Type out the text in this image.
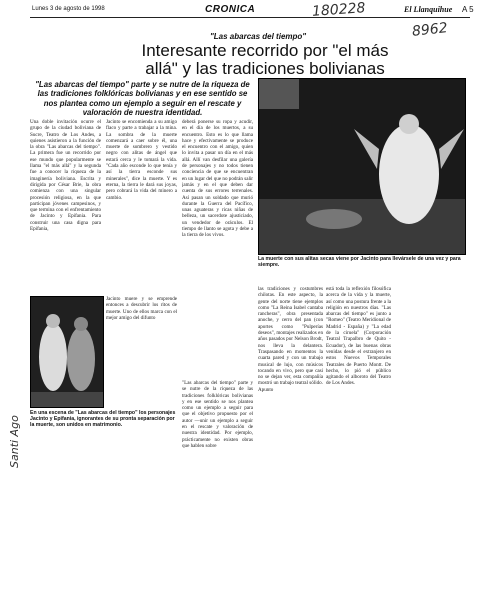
Lunes 3 de agosto de 1998	CRONICA	El Llanquihue A 5
180228
8962
Santi Ago
"Las abarcas del tiempo"
Interesante recorrido por "el más allá" y las tradiciones bolivianas
"Las abarcas del tiempo" parte y se nutre de la riqueza de las tradiciones folklóricas bolivianas y en ese sentido se nos plantea como un ejemplo a seguir en el rescate y valoración de nuestra identidad.
Una doble invitación ocurre el grupo de la ciudad boliviana de Sucre, Teatro de Los Andes, a quienes asistieron a la función de la obra "Las abarcas del tiempo". La primera fue un recorrido por ese mundo que popularmente se llama "el más allá" y la segunda fue a conocer la riqueza de la imaginería boliviana. Escrita y dirigida por César Brie, la obra comienza con una singular procesión religiosa, en la que participan jóvenes campesinos, y que termina con el enfrentamiento de Jacinto y Epifania. Para construir una casa digna para Epifania,
Jacinto se encomienda a su amigo flaco y parte a trabajar a la mina. La sombra de la muerte comenzará a caer sobre él, una muerte de sombrero y vestido negro con alitas de ángel que estará cerca y le tomará la vida. "Cada año esconde lo que tenía y así la tierra esconde sus minerales", dice la muerte. Y es eterna, la tierra le dará sus joyas, pero cobrará la vida del minero a cambio.
deberá ponerse su ropa y acudir, en el día de los muertos, a su encuentro. Esto es lo que llama hace y efectivamente se produce el encuentro con el amigo, quien lo invita a pasar un día en el más allá. Allí van desfilar una galería de personajes y no todos tienen conciencia de que se encuentran en un lugar del que no podrán salir jamás y en el que deben dar cuenta de sus errores terrenales. Así pasan un soldado que murió durante la Guerra del Pacífico, unas aguateras y ricas niñas de belleza, un sacerdote ajusticiado, un vendedor de oráculos. El tiempo de llanto se agota y debe a la tierra de los vivos.
Jacinto muere y se emprende entonces a descubrir los ritos de muerte. Uno de ellos marca con el mejor amigo del difunto
"Las abarcas del tiempo" parte y se nutre de la riqueza de las tradiciones folklóricas bolivianas y en ese sentido se nos plantea como un ejemplo a seguir para que el objetivo propuesto por el autor —unir un ejemplo a seguir en el rescate y valoración de nuestra identidad. Por ejemplo, prácticamente no existen obras que hablen sobre
las tradiciones y costumbres chilotas. En este aspecto, la gente del norte tiene ejemplos como "La Reina Isabel cantaba rancheras", obra presentada anoche, y cerro del pan (con aportes como "Pulperías deseos", montajes realizados en años pasados por Nelson Brodt, nos lleva la delantera. Traspasando en momentos la cuarta pared y con un trabajo musical de lujo, con músicos tocando en vivo, pero que casi no se dejan ver, esta compañía mostró un trabajo teatral sólido. Apunto
está toda la reflexión filosófica acerca de la vida y la muerte, así como una postura frente a la religión en nuestros días. "Las abarcas del tiempo" es junto a "Romeo" (Teatro Meridional de Madrid - España) y "La edad de la ciruela" (Corporación Teatral Trapalbro de Quito - Ecuador), de las buenas obras venidas desde el extranjero en estos Nuevos Temporales Teatrales de Puerto Montt. De hecho, lo pió el público agitando el alboroto del Teatro de Los Andes.
La muerte con sus alitas secas viene por Jacinto para llevársele de una vez y para siempre.
En una escena de "Las abarcas del tiempo" los personajes Jacinto y Epifania, ignorantes de su pronta separación por la muerte, son unidos en matrimonio.
